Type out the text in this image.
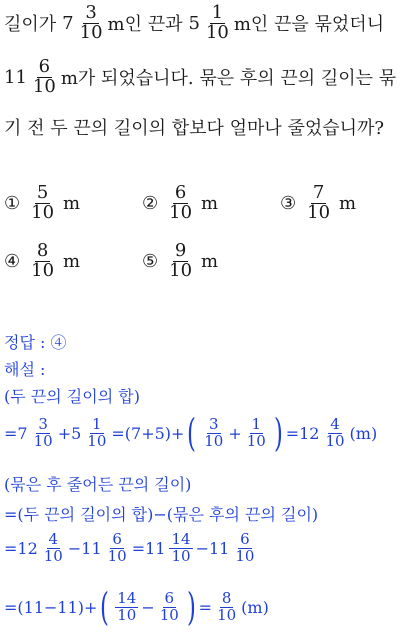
길이가 $7 \frac{3}{10}$ m인 끈과 $5 \frac{1}{10}$ m인 끈을 묶었더니
$11 \frac{6}{10}$ m가 되었습니다. 묶은 후의 끈의 길이는 묶
기 전 두 끈의 길이의 합보다 얼마나 줄었습니까?
① $\frac{5}{10}$ m	② $\frac{6}{10}$ m	③ $\frac{7}{10}$ m
④ $\frac{8}{10}$ m	⑤ $\frac{9}{10}$ m
정답 : ④
해설 :
(두 끈의 길이의 합)
= $7 \frac{3}{10} + 5 \frac{1}{10} =(7+5)+$ ( $\frac{3}{10} + \frac{1}{10}$ ) = $12 \frac{4}{10} (m)$
(묶은 후 줄어든 끈의 길이)
=(두 끈의 길이의 합)−(묶은 후의 끈의 길이)
= $12 \frac{4}{10} - 11 \frac{6}{10} = 11 \frac{14}{10} - 11 \frac{6}{10}$
=(11−11)+ ( $\frac{14}{10} - \frac{6}{10}$ ) = $\frac{8}{10} (m)$
